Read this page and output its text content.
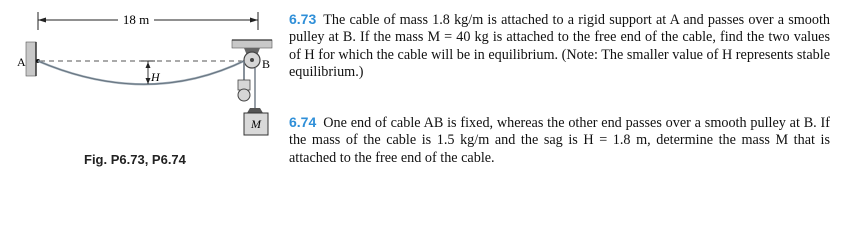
18 m
A
H
B
M
Fig. P6.73, P6.74
6.73 The cable of mass 1.8 kg/m is attached to a rigid support at A and passes over a smooth pulley at B. If the mass M = 40 kg is attached to the free end of the cable, find the two values of H for which the cable will be in equilibrium. (Note: The smaller value of H represents stable equilibrium.)
6.74 One end of cable AB is fixed, whereas the other end passes over a smooth pulley at B. If the mass of the cable is 1.5 kg/m and the sag is H = 1.8 m, determine the mass M that is attached to the free end of the cable.
